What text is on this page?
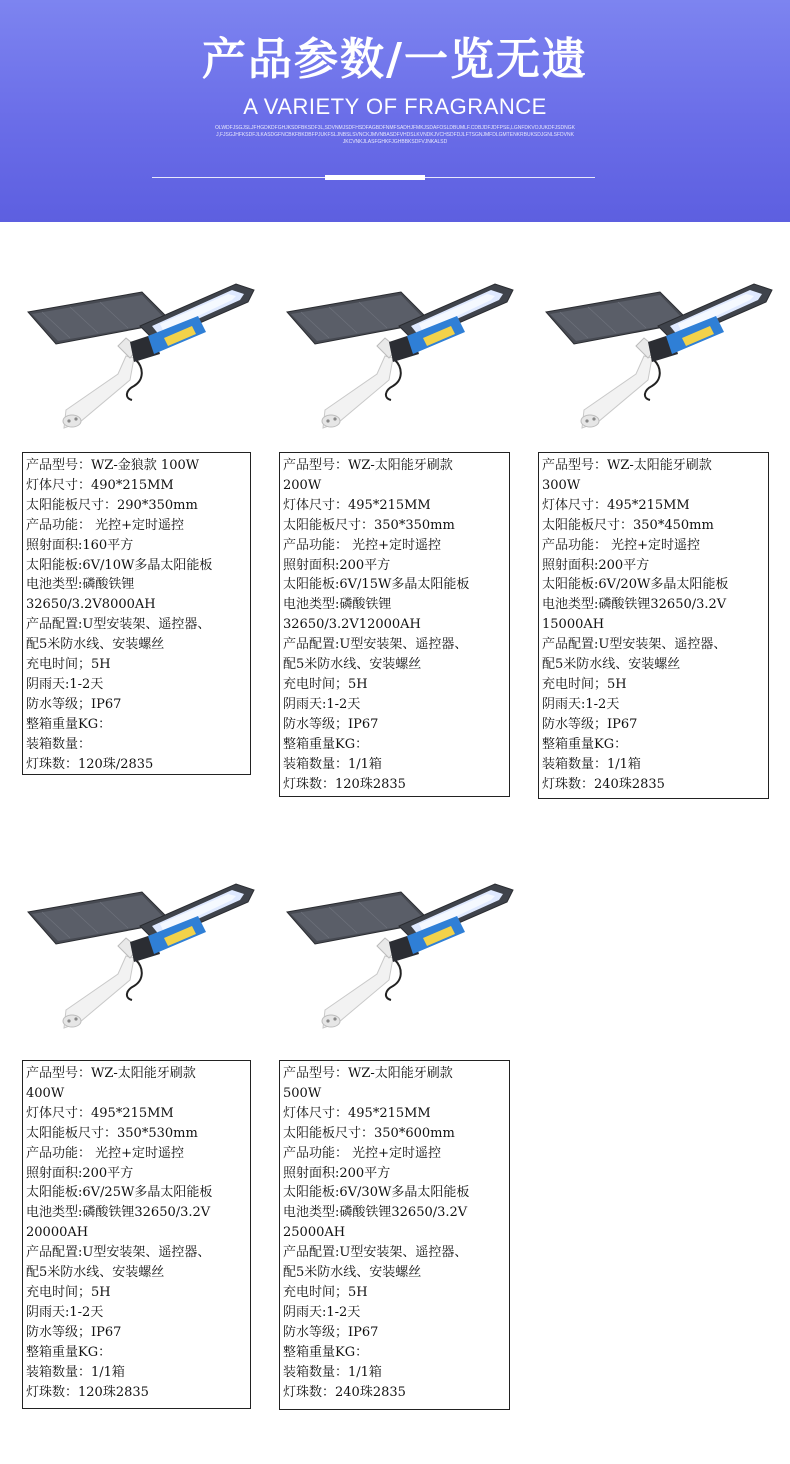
产品参数/一览无遗
A VARIETY OF FRAGRANCE
OLWDFJSGJSLJFHGDKDFGHJKSDFBKSDF3L,SDVNMJSDFHSDFAGBDFNMFSADHJFMKJSDAFOSLDBUMLF.CDBJDFJDFPSE,LGNFDKVOJUKDFJSDNGKJ,FJSGJHFKSDFJLKASDGFNCBKFBKDBFPJUKFSLJNBSLSVNCKJMVNBASDFVHDSLKVNDKJVCHSDFDJLFTSGNJMFDLGMTENKRBUKSDJGNLSFDVNKJKCVNKJLASFGHKFJGHBBKSDFVJNKALSD
产品型号：WZ-金狼款 100W
灯体尺寸：490*215MM
太阳能板尺寸：290*350mm
产品功能： 光控+定时遥控
照射面积:160平方
太阳能板:6V/10W多晶太阳能板
电池类型:磷酸铁锂
32650/3.2V8000AH
产品配置:U型安装架、遥控器、
配5米防水线、安装螺丝
充电时间；5H
阴雨天:1-2天
防水等级；IP67
整箱重量KG：
装箱数量：
灯珠数：120珠/2835
产品型号：WZ-太阳能牙刷款
200W
灯体尺寸：495*215MM
太阳能板尺寸：350*350mm
产品功能： 光控+定时遥控
照射面积:200平方
太阳能板:6V/15W多晶太阳能板
电池类型:磷酸铁锂
32650/3.2V12000AH
产品配置:U型安装架、遥控器、
配5米防水线、安装螺丝
充电时间；5H
阴雨天:1-2天
防水等级；IP67
整箱重量KG：
装箱数量：1/1箱
灯珠数：120珠2835
产品型号：WZ-太阳能牙刷款
300W
灯体尺寸：495*215MM
太阳能板尺寸：350*450mm
产品功能： 光控+定时遥控
照射面积:200平方
太阳能板:6V/20W多晶太阳能板
电池类型:磷酸铁锂32650/3.2V
15000AH
产品配置:U型安装架、遥控器、
配5米防水线、安装螺丝
充电时间；5H
阴雨天:1-2天
防水等级；IP67
整箱重量KG：
装箱数量：1/1箱
灯珠数：240珠2835
产品型号：WZ-太阳能牙刷款
400W
灯体尺寸：495*215MM
太阳能板尺寸：350*530mm
产品功能： 光控+定时遥控
照射面积:200平方
太阳能板:6V/25W多晶太阳能板
电池类型:磷酸铁锂32650/3.2V
20000AH
产品配置:U型安装架、遥控器、
配5米防水线、安装螺丝
充电时间；5H
阴雨天:1-2天
防水等级；IP67
整箱重量KG：
装箱数量：1/1箱
灯珠数：120珠2835
产品型号：WZ-太阳能牙刷款
500W
灯体尺寸：495*215MM
太阳能板尺寸：350*600mm
产品功能： 光控+定时遥控
照射面积:200平方
太阳能板:6V/30W多晶太阳能板
电池类型:磷酸铁锂32650/3.2V
25000AH
产品配置:U型安装架、遥控器、
配5米防水线、安装螺丝
充电时间；5H
阴雨天:1-2天
防水等级；IP67
整箱重量KG：
装箱数量：1/1箱
灯珠数：240珠2835
